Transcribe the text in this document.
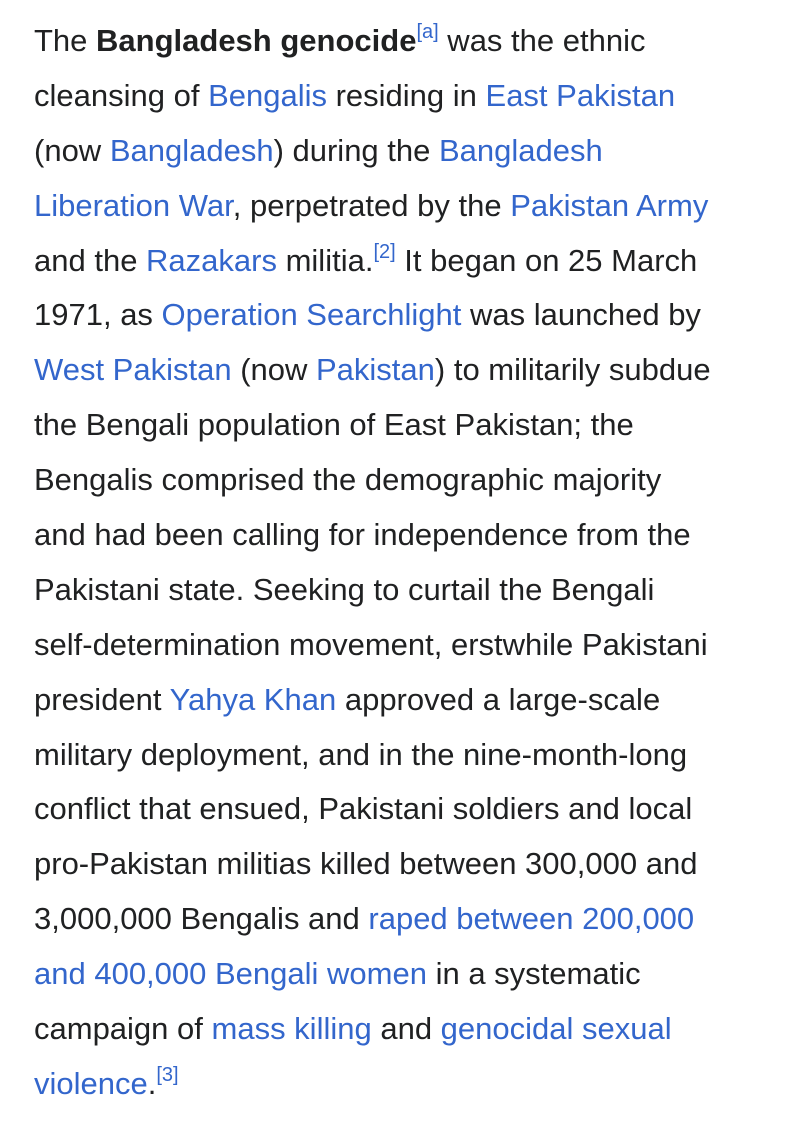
The Bangladesh genocide[a] was the ethnic
cleansing of Bengalis residing in East Pakistan
(now Bangladesh) during the Bangladesh
Liberation War, perpetrated by the Pakistan Army
and the Razakars militia.[2] It began on 25 March
1971, as Operation Searchlight was launched by
West Pakistan (now Pakistan) to militarily subdue
the Bengali population of East Pakistan; the
Bengalis comprised the demographic majority
and had been calling for independence from the
Pakistani state. Seeking to curtail the Bengali
self-determination movement, erstwhile Pakistani
president Yahya Khan approved a large-scale
military deployment, and in the nine-month-long
conflict that ensued, Pakistani soldiers and local
pro-Pakistan militias killed between 300,000 and
3,000,000 Bengalis and raped between 200,000
and 400,000 Bengali women in a systematic
campaign of mass killing and genocidal sexual
violence.[3]
